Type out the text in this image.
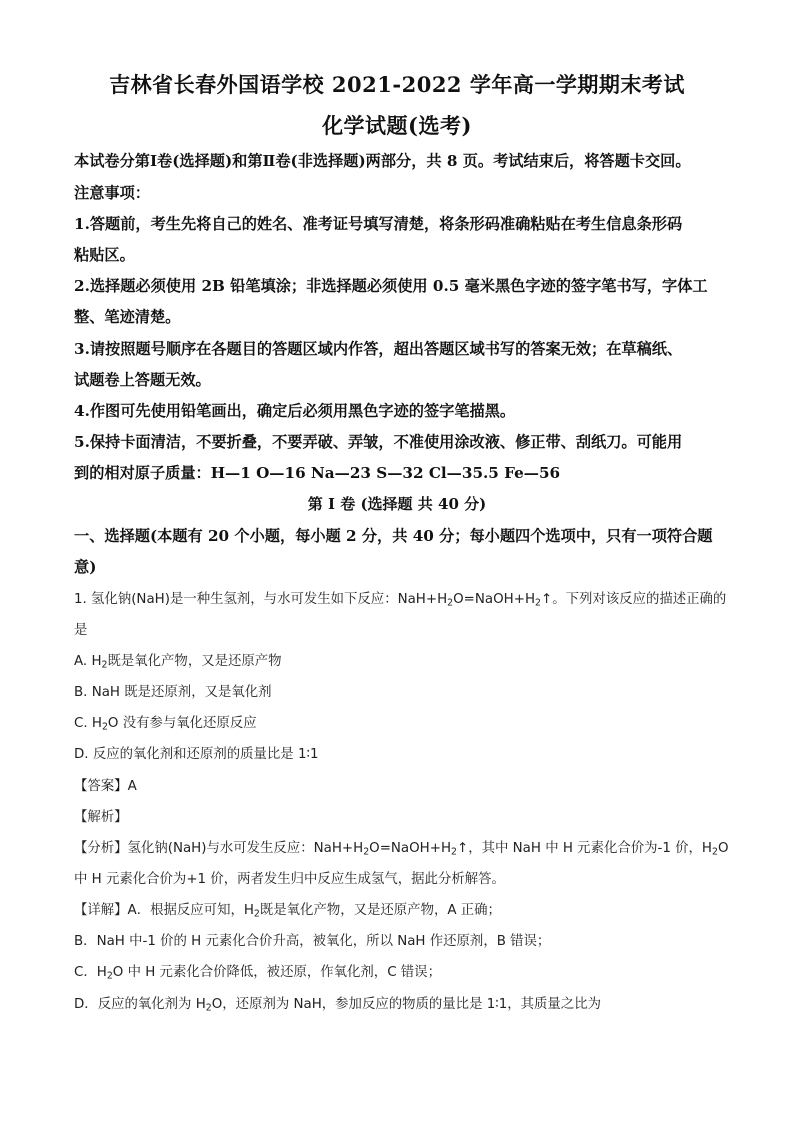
吉林省长春外国语学校 2021-2022 学年高一学期期末考试
化学试题(选考)
本试卷分第Ⅰ卷(选择题)和第Ⅱ卷(非选择题)两部分，共 8 页。考试结束后，将答题卡交回。
注意事项：
1.答题前，考生先将自己的姓名、准考证号填写清楚，将条形码准确粘贴在考生信息条形码
粘贴区。
2.选择题必须使用 2B 铅笔填涂；非选择题必须使用 0.5 毫米黑色字迹的签字笔书写，字体工
整、笔迹清楚。
3.请按照题号顺序在各题目的答题区域内作答，超出答题区域书写的答案无效；在草稿纸、
试题卷上答题无效。
4.作图可先使用铅笔画出，确定后必须用黑色字迹的签字笔描黑。
5.保持卡面清洁，不要折叠，不要弄破、弄皱，不准使用涂改液、修正带、刮纸刀。可能用
到的相对原子质量：H—1 O—16 Na—23 S—32 Cl—35.5 Fe—56
第 I 卷 (选择题 共 40 分)
一、选择题(本题有 20 个小题，每小题 2 分，共 40 分；每小题四个选项中，只有一项符合题
意)
1. 氢化钠(NaH)是一种生氢剂，与水可发生如下反应：$NaH+H_2O=NaOH+H_2↑$。下列对该反应的描述正确的
是
A. $H_2$既是氧化产物，又是还原产物
B. NaH 既是还原剂，又是氧化剂
C. $H_2O$ 没有参与氧化还原反应
D. 反应的氧化剂和还原剂的质量比是 1∶1
【答案】A
【解析】
【分析】氢化钠(NaH)与水可发生反应：$NaH+H_2O=NaOH+H_2↑$，其中 NaH 中 H 元素化合价为-1 价，$H_2O$
中 H 元素化合价为+1 价，两者发生归中反应生成氢气，据此分析解答。
【详解】A．根据反应可知，$H_2$既是氧化产物，又是还原产物，A 正确；
B．NaH 中-1 价的 H 元素化合价升高，被氧化，所以 NaH 作还原剂，B 错误；
C．$H_2O$ 中 H 元素化合价降低，被还原，作氧化剂，C 错误；
D．反应的氧化剂为 $H_2O$，还原剂为 NaH，参加反应的物质的量比是 1∶1，其质量之比为
